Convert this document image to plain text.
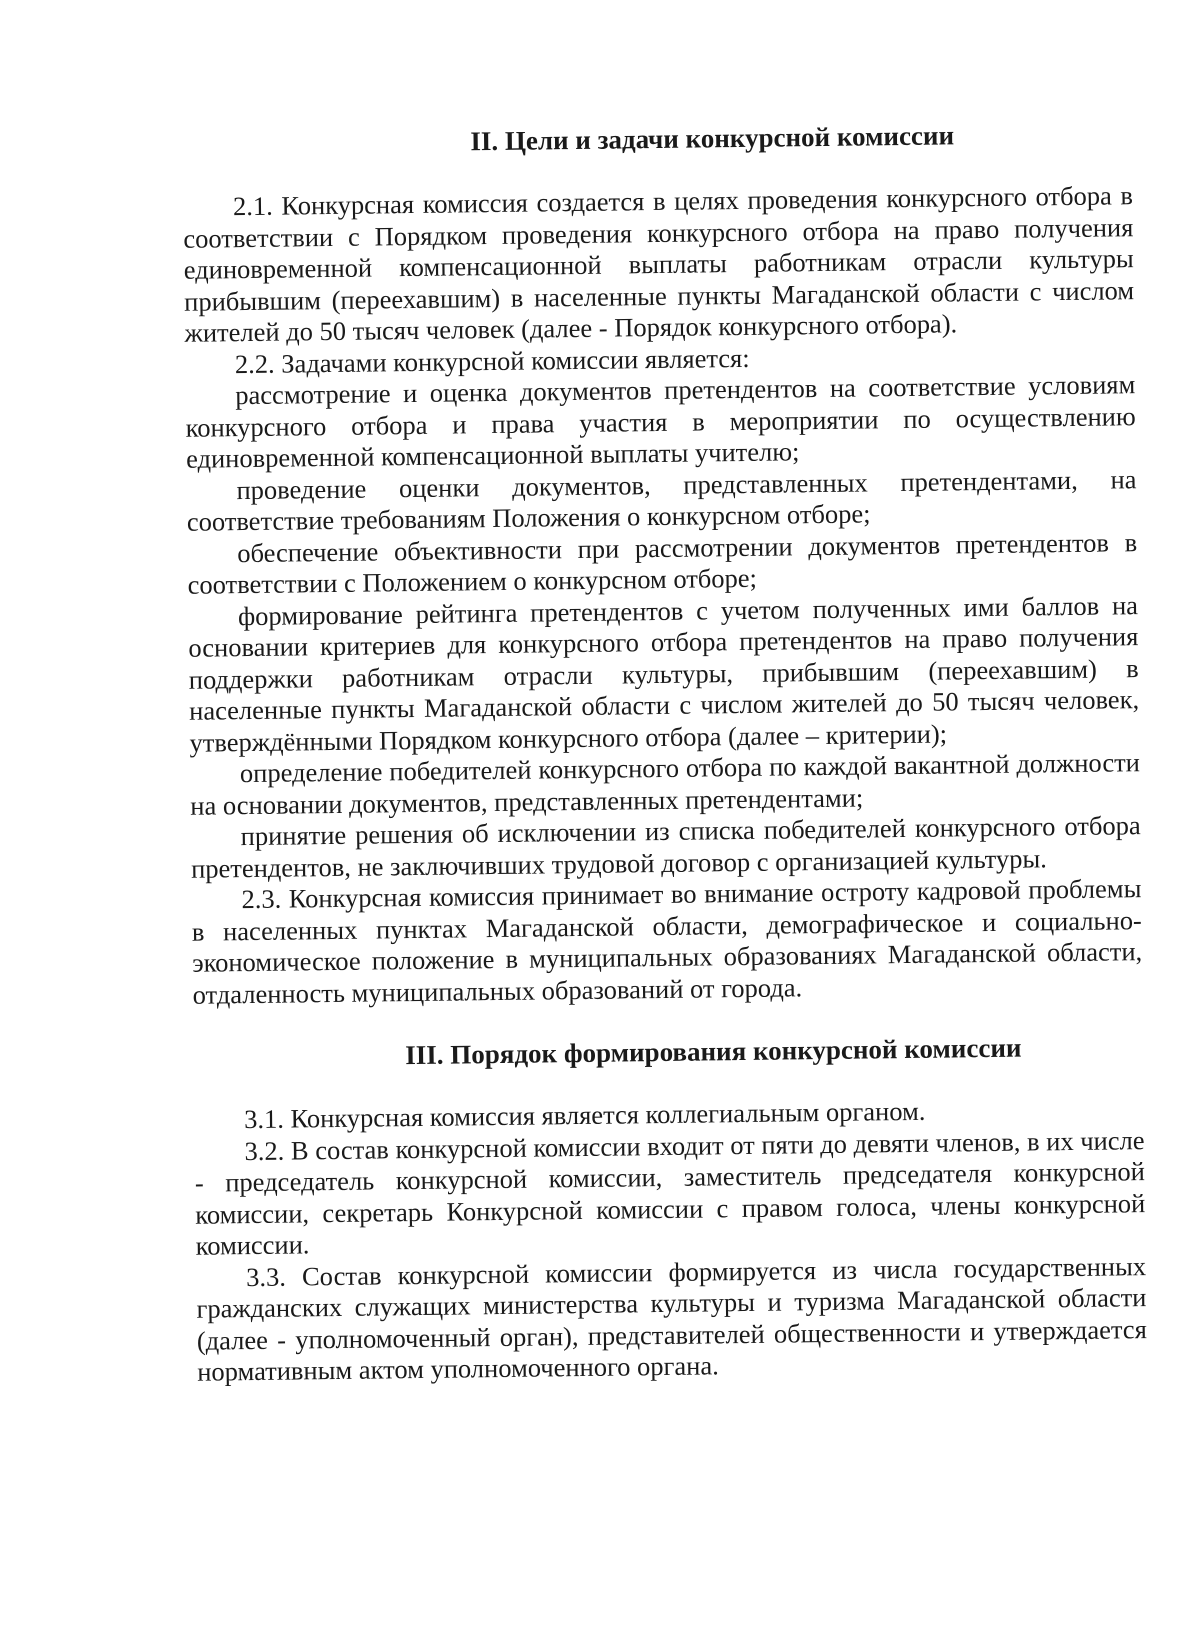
II. Цели и задачи конкурсной комиссии

2.1. Конкурсная комиссия создается в целях проведения конкурсного отбора в соответствии с Порядком проведения конкурсного отбора на право получения единовременной компенсационной выплаты работникам отрасли культуры прибывшим (переехавшим) в населенные пункты Магаданской области с числом жителей до 50 тысяч человек (далее - Порядок конкурсного отбора).

2.2. Задачами конкурсной комиссии является:

рассмотрение и оценка документов претендентов на соответствие условиям конкурсного отбора и права участия в мероприятии по осуществлению единовременной компенсационной выплаты учителю;

проведение оценки документов, представленных претендентами, на соответствие требованиям Положения о конкурсном отборе;

обеспечение объективности при рассмотрении документов претендентов в соответствии с Положением о конкурсном отборе;

формирование рейтинга претендентов с учетом полученных ими баллов на основании критериев для конкурсного отбора претендентов на право получения поддержки работникам отрасли культуры, прибывшим (переехавшим) в населенные пункты Магаданской области с числом жителей до 50 тысяч человек, утверждёнными Порядком конкурсного отбора (далее – критерии);

определение победителей конкурсного отбора по каждой вакантной должности на основании документов, представленных претендентами;

принятие решения об исключении из списка победителей конкурсного отбора претендентов, не заключивших трудовой договор с организацией культуры.

2.3. Конкурсная комиссия принимает во внимание остроту кадровой проблемы в населенных пунктах Магаданской области, демографическое и социально-экономическое положение в муниципальных образованиях Магаданской области, отдаленность муниципальных образований от города.

III. Порядок формирования конкурсной комиссии

3.1. Конкурсная комиссия является коллегиальным органом.

3.2. В состав конкурсной комиссии входит от пяти до девяти членов, в их числе - председатель конкурсной комиссии, заместитель председателя конкурсной комиссии, секретарь Конкурсной комиссии с правом голоса, члены конкурсной комиссии.

3.3. Состав конкурсной комиссии формируется из числа государственных гражданских служащих министерства культуры и туризма Магаданской области (далее - уполномоченный орган), представителей общественности и утверждается нормативным актом уполномоченного органа.
